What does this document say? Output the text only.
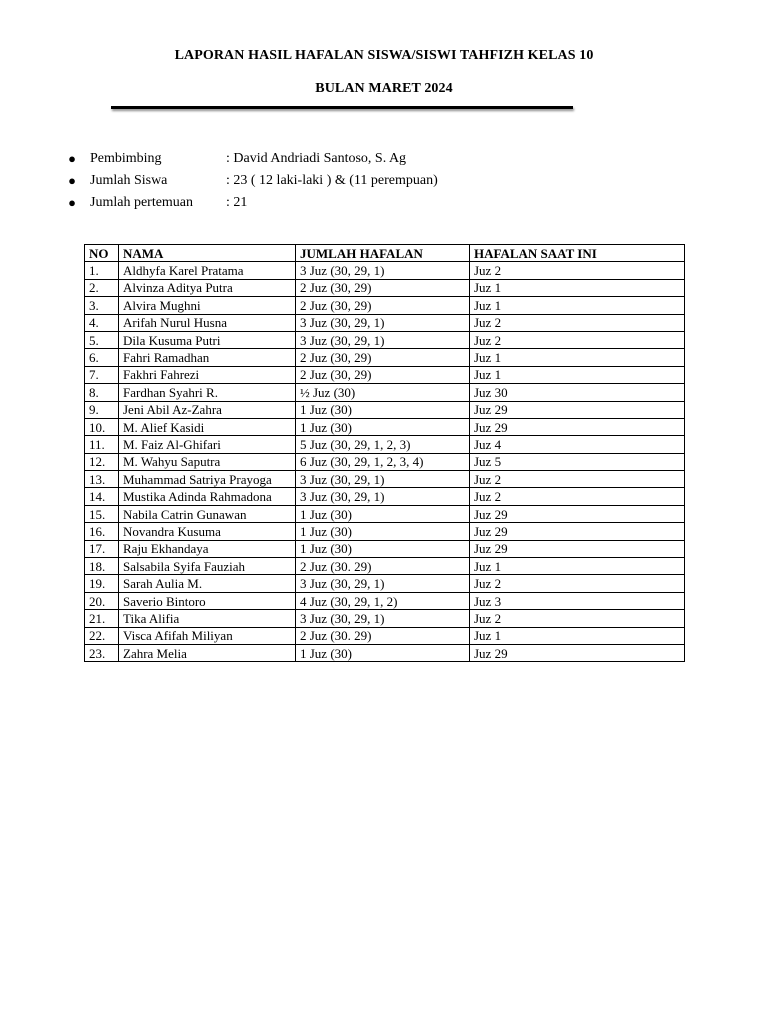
LAPORAN HASIL HAFALAN SISWA/SISWI TAHFIZH KELAS 10
BULAN MARET 2024
● Pembimbing	: David Andriadi Santoso, S. Ag
● Jumlah Siswa	: 23 ( 12 laki-laki ) & (11 perempuan)
● Jumlah pertemuan : 21
NO	NAMA	JUMLAH HAFALAN	HAFALAN SAAT INI
1.	Aldhyfa Karel Pratama	3 Juz (30, 29, 1)	Juz 2
2.	Alvinza Aditya Putra	2 Juz (30, 29)	Juz 1
3.	Alvira Mughni	2 Juz (30, 29)	Juz 1
4.	Arifah Nurul Husna	3 Juz (30, 29, 1)	Juz 2
5.	Dila Kusuma Putri	3 Juz (30, 29, 1)	Juz 2
6.	Fahri Ramadhan	2 Juz (30, 29)	Juz 1
7.	Fakhri Fahrezi	2 Juz (30, 29)	Juz 1
8.	Fardhan Syahri R.	½ Juz (30)	Juz 30
9.	Jeni Abil Az-Zahra	1 Juz (30)	Juz 29
10.	M. Alief Kasidi	1 Juz (30)	Juz 29
11.	M. Faiz Al-Ghifari	5 Juz (30, 29, 1, 2, 3)	Juz 4
12.	M. Wahyu Saputra	6 Juz (30, 29, 1, 2, 3, 4)	Juz 5
13.	Muhammad Satriya Prayoga	3 Juz (30, 29, 1)	Juz 2
14.	Mustika Adinda Rahmadona	3 Juz (30, 29, 1)	Juz 2
15.	Nabila Catrin Gunawan	1 Juz (30)	Juz 29
16.	Novandra Kusuma	1 Juz (30)	Juz 29
17.	Raju Ekhandaya	1 Juz (30)	Juz 29
18.	Salsabila Syifa Fauziah	2 Juz (30. 29)	Juz 1
19.	Sarah Aulia M.	3 Juz (30, 29, 1)	Juz 2
20.	Saverio Bintoro	4 Juz (30, 29, 1, 2)	Juz 3
21.	Tika Alifia	3 Juz (30, 29, 1)	Juz 2
22.	Visca Afifah Miliyan	2 Juz (30. 29)	Juz 1
23.	Zahra Melia	1 Juz (30)	Juz 29
